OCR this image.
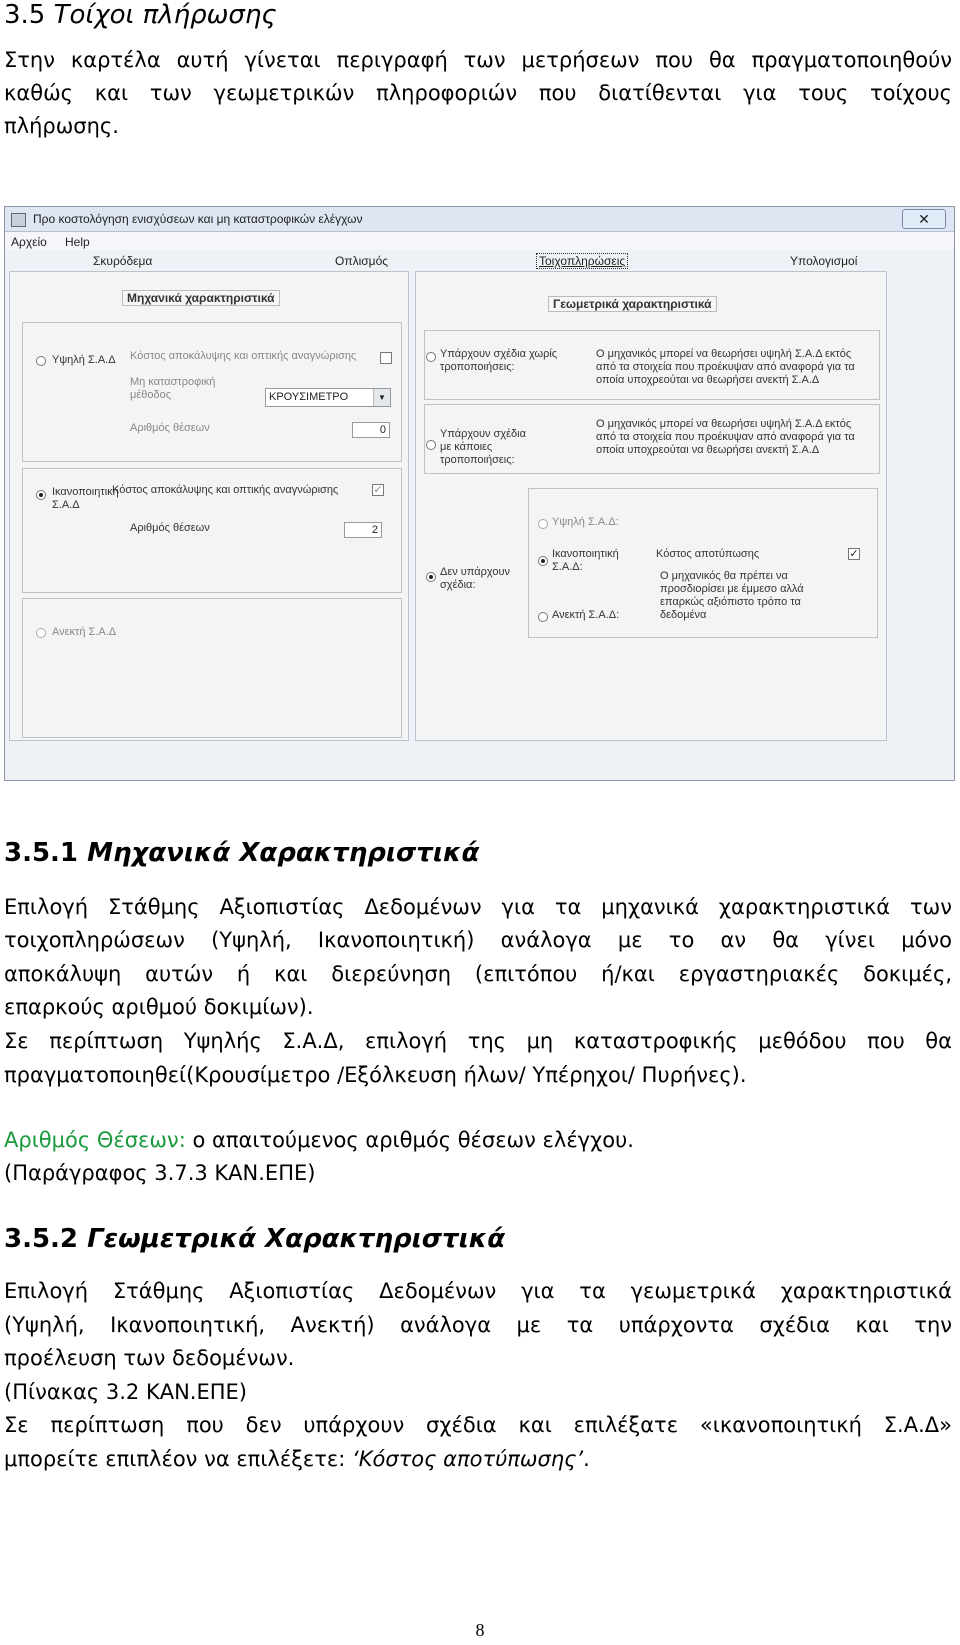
3.5 Τοίχοι πλήρωσης
Στην καρτέλα αυτή γίνεται περιγραφή των μετρήσεων που θα πραγματοποιηθούν
καθώς και των γεωμετρικών πληροφοριών που διατίθενται για τους τοίχους
πλήρωσης.
Προ κοστολόγηση ενισχύσεων και μη καταστροφικών ελέγχων	✕
Αρχείο Help
Σκυρόδεμα	Οπλισμός	Τοιχοπληρώσεις	Υπολογισμοί
Μηχανικά χαρακτηριστικά
Υψηλή Σ.Α.Δ Κόστος αποκάλυψης και οπτικής αναγνώρισης
Μη καταστροφική μέθοδος	ΚΡΟΥΣΙΜΕΤΡΟ	▼
Αριθμός θέσεων	0
Ικανοποιητική Σ.Α.Δ
Κόστος αποκάλυψης και οπτικής αναγνώρισης	✓
Αριθμός θέσεων	2
Ανεκτή Σ.Α.Δ
Γεωμετρικά χαρακτηριστικά
Υπάρχουν σχέδια χωρίς τροποποιήσεις:
Ο μηχανικός μπορεί να θεωρήσει υψηλή Σ.Α.Δ εκτός από τα στοιχεία που προέκυψαν από αναφορά για τα οποία υποχρεούται να θεωρήσει ανεκτή Σ.Α.Δ
Υπάρχουν σχέδια με κάποιες τροποποιήσεις:
Ο μηχανικός μπορεί να θεωρήσει υψηλή Σ.Α.Δ εκτός από τα στοιχεία που προέκυψαν από αναφορά για τα οποία υποχρεούται να θεωρήσει ανεκτή Σ.Α.Δ
Δεν υπάρχουν σχέδια:
Υψηλή Σ.Α.Δ:
Ικανοποιητική Σ.Α.Δ:
Ανεκτή Σ.Α.Δ:
Κόστος αποτύπωσης	✓
Ο μηχανικός θα πρέπει να προσδιορίσει με έμμεσο αλλά επαρκώς αξιόπιστο τρόπο τα δεδομένα
3.5.1 Μηχανικά Χαρακτηριστικά
Επιλογή Στάθμης Αξιοπιστίας Δεδομένων για τα μηχανικά χαρακτηριστικά των
τοιχοπληρώσεων (Υψηλή, Ικανοποιητική) ανάλογα με το αν θα γίνει μόνο
αποκάλυψη αυτών ή και διερεύνηση (επιτόπου ή/και εργαστηριακές δοκιμές,
επαρκούς αριθμού δοκιμίων).
Σε περίπτωση Υψηλής Σ.Α.Δ, επιλογή της μη καταστροφικής μεθόδου που θα
πραγματοποιηθεί(Κρουσίμετρο /Εξόλκευση ήλων/ Υπέρηχοι/ Πυρήνες).
Αριθμός Θέσεων: ο απαιτούμενος αριθμός θέσεων ελέγχου.
(Παράγραφος 3.7.3 ΚΑΝ.ΕΠΕ)
3.5.2 Γεωμετρικά Χαρακτηριστικά
Επιλογή Στάθμης Αξιοπιστίας Δεδομένων για τα γεωμετρικά χαρακτηριστικά
(Υψηλή, Ικανοποιητική, Ανεκτή) ανάλογα με τα υπάρχοντα σχέδια και την
προέλευση των δεδομένων.
(Πίνακας 3.2 ΚΑΝ.ΕΠΕ)
Σε περίπτωση που δεν υπάρχουν σχέδια και επιλέξατε «ικανοποιητική Σ.Α.Δ»
μπορείτε επιπλέον να επιλέξετε: ‘Κόστος αποτύπωσης’.
8
